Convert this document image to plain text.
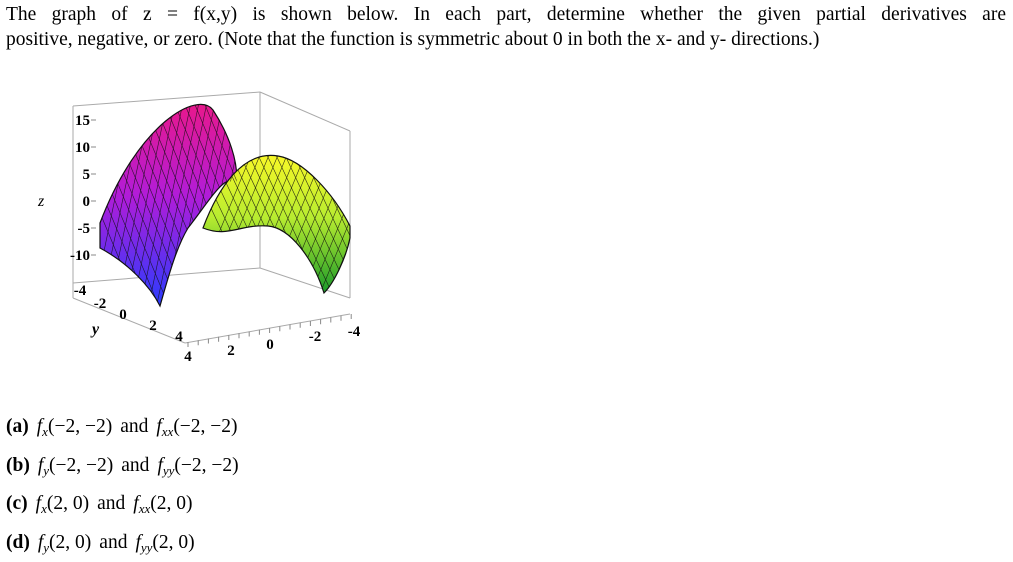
The graph of z = f(x,y) is shown below. In each part, determine whether the given partial derivatives are
positive, negative, or zero. (Note that the function is symmetric about 0 in both the x- and y- directions.)
15
10
5
0
-5
-10
4 2 0 -2 -4
-4
-2
0
2
4
z
y
(a) $f_x(-2$, −2) and $f_{xx}(-2$, −2)
(b) $f_y(-2$, −2) and $f_{yy}(-2$, −2)
(c) $f_x(2$, 0) and $f_{xx}(2$, 0)
(d) $f_y(2$, 0) and $f_{yy}(2$, 0)
